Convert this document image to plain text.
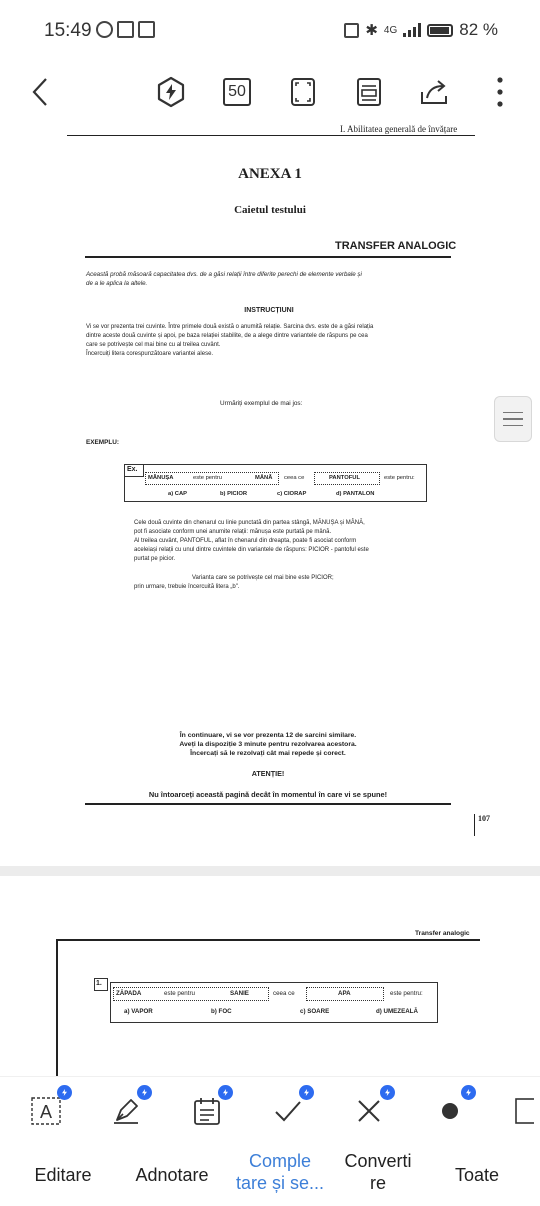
15:49	✱ 4G	82 %
50
I. Abilitatea generală de învățare
ANEXA 1
Caietul testului
TRANSFER ANALOGIC
Această probă măsoară capacitatea dvs. de a găsi relații între diferite perechi de elemente verbale și
de a le aplica la altele.
INSTRUCȚIUNI
Vi se vor prezenta trei cuvinte. Între primele două există o anumită relație. Sarcina dvs. este de a găsi relația
dintre aceste două cuvinte și apoi, pe baza relației stabilite, de a alege dintre variantele de răspuns pe cea
care se potrivește cel mai bine cu al treilea cuvânt.
Încercuiți litera corespunzătoare variantei alese.
Urmăriți exemplul de mai jos:
EXEMPLU:
Ex.
MĂNUȘA	este pentru	MÂNĂ ceea ce	PANTOFUL	este pentru:
a) CAP	b) PICIOR	c) CIORAP	d) PANTALON
Cele două cuvinte din chenarul cu linie punctată din partea stângă, MĂNUȘA și MÂNĂ,
pot fi asociate conform unei anumite relații: mănușa este purtată pe mână.
Al treilea cuvânt, PANTOFUL, aflat în chenarul din dreapta, poate fi asociat conform
aceleiași relații cu unul dintre cuvintele din variantele de răspuns: PICIOR - pantoful este
purtat pe picior.
Varianta care se potrivește cel mai bine este PICIOR;
prin urmare, trebuie încercuită litera „b".
În continuare, vi se vor prezenta 12 de sarcini similare.
Aveți la dispoziție 3 minute pentru rezolvarea acestora.
Încercați să le rezolvați cât mai repede și corect.
ATENȚIE!
Nu întoarceți această pagină decât în momentul în care vi se spune!
107
Transfer analogic
1.
ZĂPADA	este pentru	SANIE	ceea ce	APA	este pentru:
a) VAPOR	b) FOC	c) SOARE	d) UMEZEALĂ
A
Editare	Adnotare
Comple
tare și se...
Converti
re	Toate
